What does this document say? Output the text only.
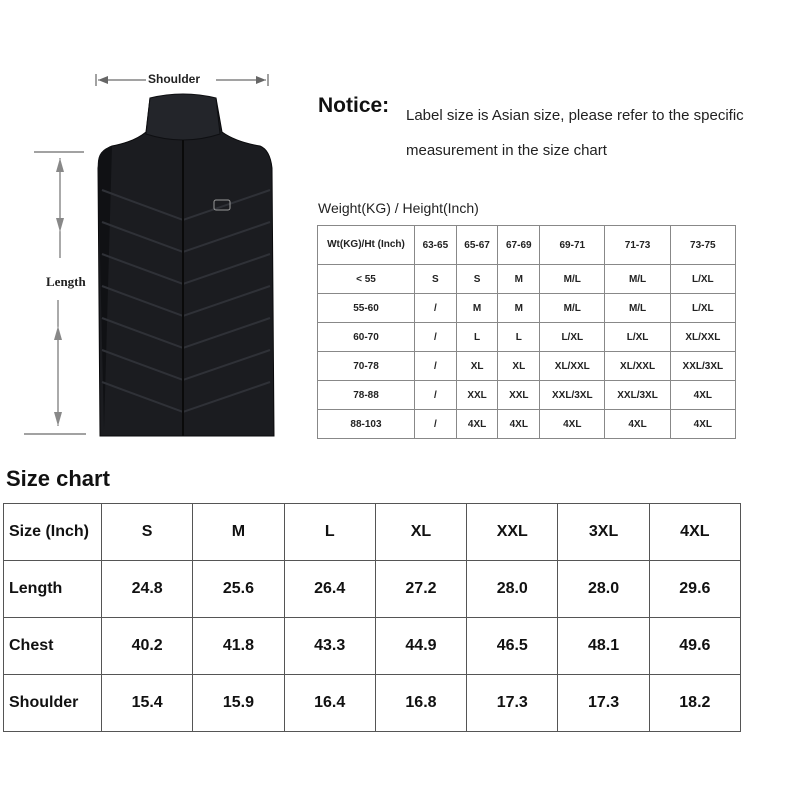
Shoulder
Length
Notice: Label size is Asian size, please refer to the specific measurement in the size chart
Weight(KG) / Height(Inch)
Wt(KG)/Ht (Inch)	63-65	65-67	67-69	69-71	71-73	73-75
< 55	S	S	M	M/L	M/L	L/XL
55-60	/	M	M	M/L	M/L	L/XL
60-70	/	L	L	L/XL	L/XL	XL/XXL
70-78	/	XL	XL	XL/XXL	XL/XXL	XXL/3XL
78-88	/	XXL	XXL	XXL/3XL	XXL/3XL	4XL
88-103	/	4XL	4XL	4XL	4XL	4XL
Size chart
Size (Inch)	S	M	L	XL	XXL	3XL	4XL
Length	24.8	25.6	26.4	27.2	28.0	28.0	29.6
Chest	40.2	41.8	43.3	44.9	46.5	48.1	49.6
Shoulder	15.4	15.9	16.4	16.8	17.3	17.3	18.2
